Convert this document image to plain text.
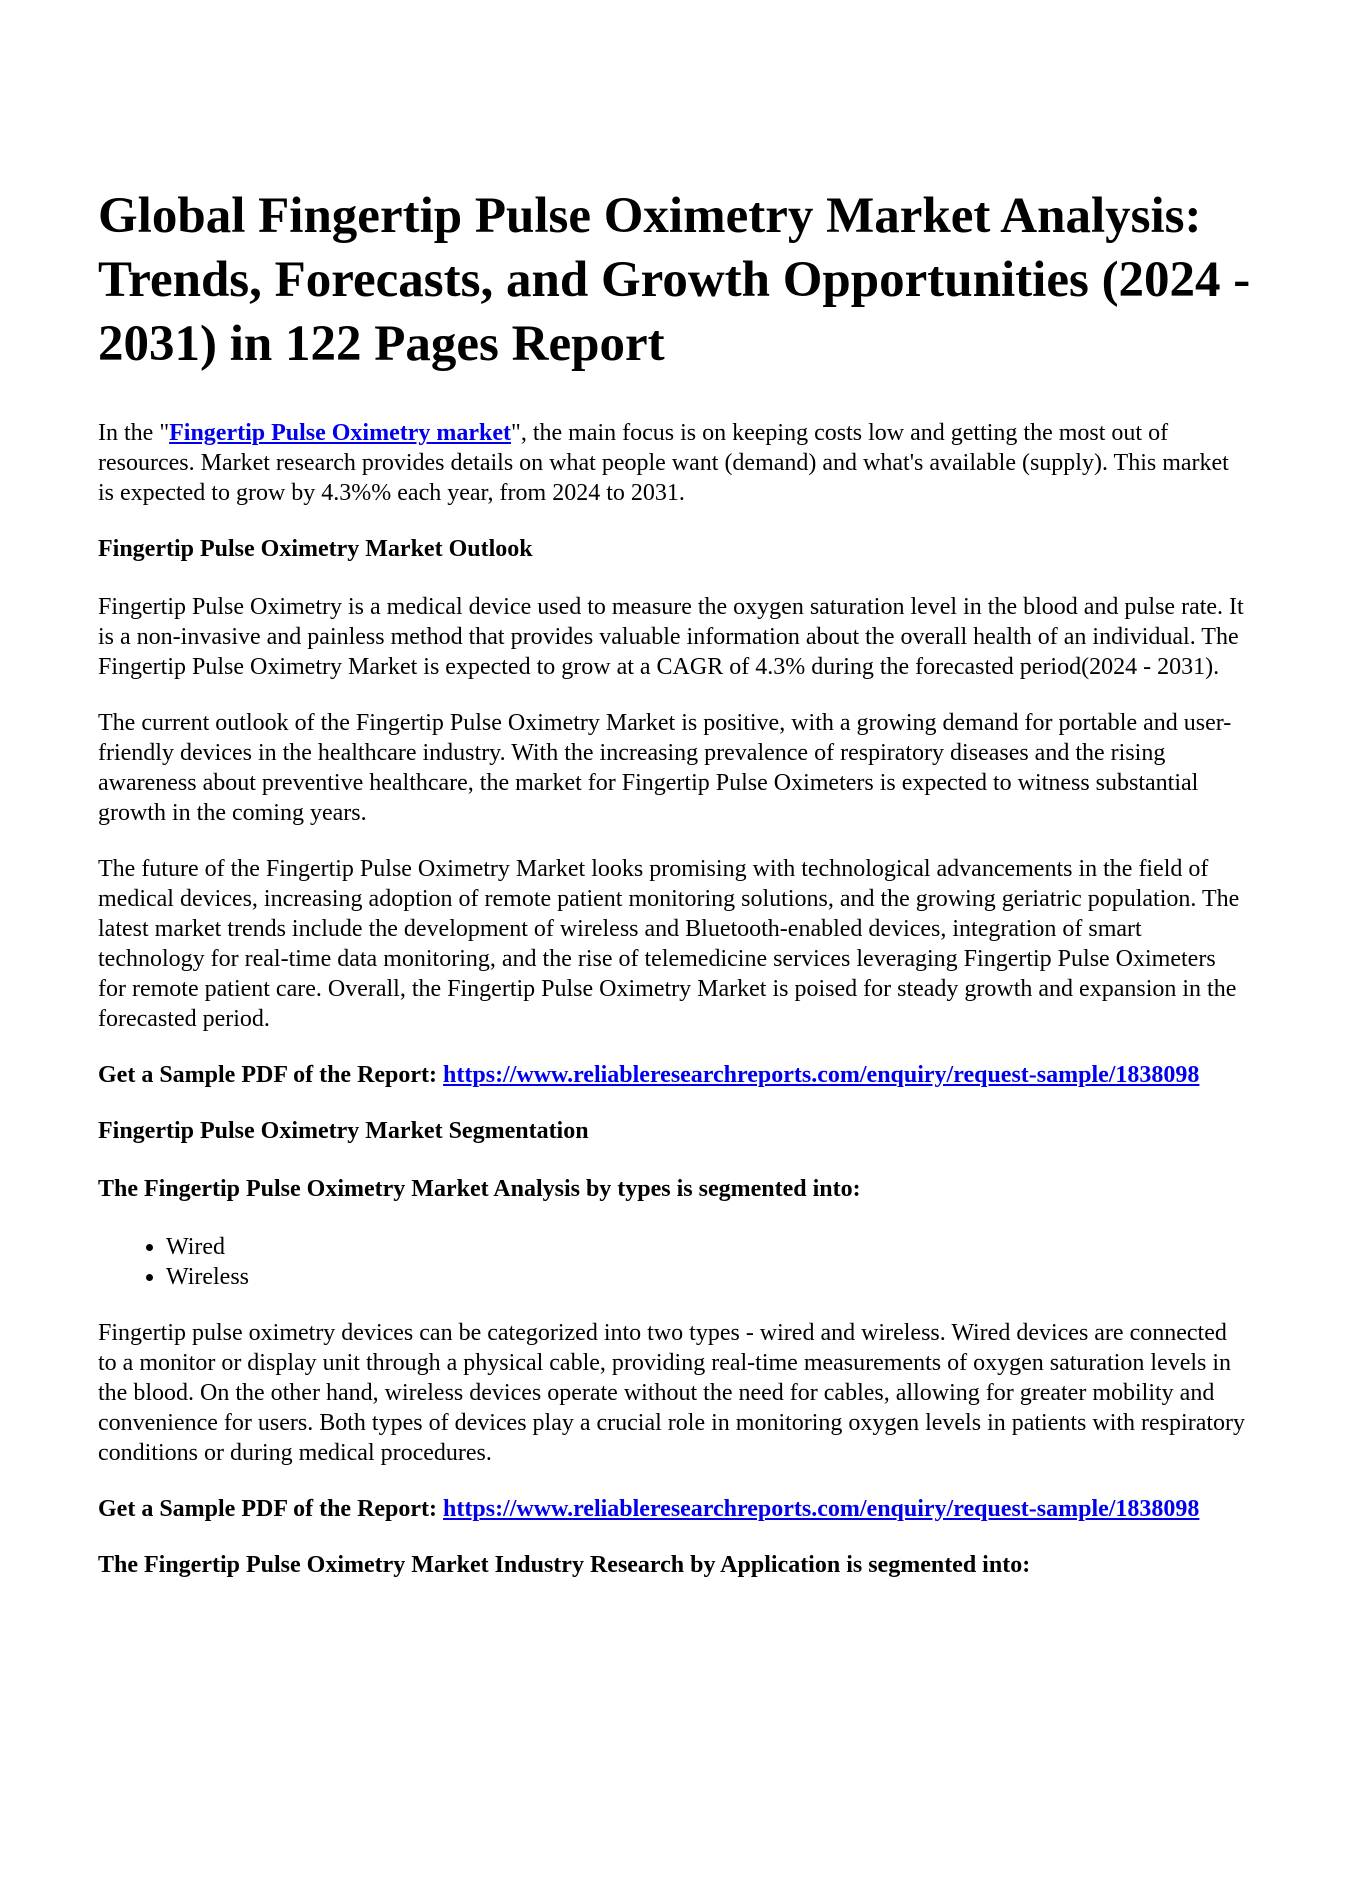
Global Fingertip Pulse Oximetry Market Analysis: Trends, Forecasts, and Growth Opportunities (2024 - 2031) in 122 Pages Report

In the "Fingertip Pulse Oximetry market", the main focus is on keeping costs low and getting the most out of resources. Market research provides details on what people want (demand) and what's available (supply). This market is expected to grow by 4.3%% each year, from 2024 to 2031.

Fingertip Pulse Oximetry Market Outlook

Fingertip Pulse Oximetry is a medical device used to measure the oxygen saturation level in the blood and pulse rate. It is a non-invasive and painless method that provides valuable information about the overall health of an individual. The Fingertip Pulse Oximetry Market is expected to grow at a CAGR of 4.3% during the forecasted period(2024 - 2031).

The current outlook of the Fingertip Pulse Oximetry Market is positive, with a growing demand for portable and user-friendly devices in the healthcare industry. With the increasing prevalence of respiratory diseases and the rising awareness about preventive healthcare, the market for Fingertip Pulse Oximeters is expected to witness substantial growth in the coming years.

The future of the Fingertip Pulse Oximetry Market looks promising with technological advancements in the field of medical devices, increasing adoption of remote patient monitoring solutions, and the growing geriatric population. The latest market trends include the development of wireless and Bluetooth-enabled devices, integration of smart technology for real-time data monitoring, and the rise of telemedicine services leveraging Fingertip Pulse Oximeters for remote patient care. Overall, the Fingertip Pulse Oximetry Market is poised for steady growth and expansion in the forecasted period.

Get a Sample PDF of the Report: https://www.reliableresearchreports.com/enquiry/request-sample/1838098

Fingertip Pulse Oximetry Market Segmentation

The Fingertip Pulse Oximetry Market Analysis by types is segmented into:

• Wired
• Wireless

Fingertip pulse oximetry devices can be categorized into two types - wired and wireless. Wired devices are connected to a monitor or display unit through a physical cable, providing real-time measurements of oxygen saturation levels in the blood. On the other hand, wireless devices operate without the need for cables, allowing for greater mobility and convenience for users. Both types of devices play a crucial role in monitoring oxygen levels in patients with respiratory conditions or during medical procedures.

Get a Sample PDF of the Report: https://www.reliableresearchreports.com/enquiry/request-sample/1838098

The Fingertip Pulse Oximetry Market Industry Research by Application is segmented into:
